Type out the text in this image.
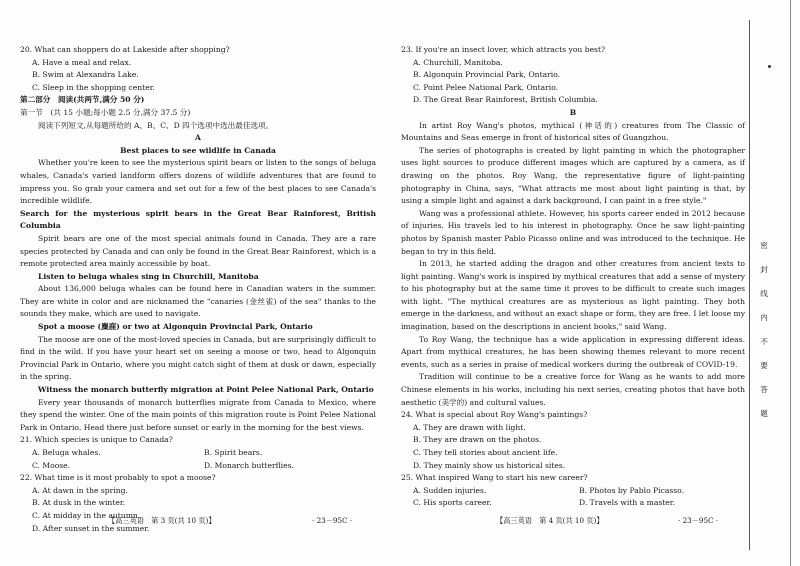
20. What can shoppers do at Lakeside after shopping?
A. Have a meal and relax.
B. Swim at Alexandra Lake.
C. Sleep in the shopping center.
第二部分　阅读(共两节,满分 50 分)
第一节　(共 15 小题;每小题 2.5 分,满分 37.5 分)
阅读下列短文,从每题所给的 A、B、C、D 四个选项中选出最佳选项。
A
Best places to see wildlife in Canada
Whether you're keen to see the mysterious spirit bears or listen to the songs of beluga whales, Canada's varied landform offers dozens of wildlife adventures that are found to impress you. So grab your camera and set out for a few of the best places to see Canada's incredible wildlife.
Search for the mysterious spirit bears in the Great Bear Rainforest, British Columbia
Spirit bears are one of the most special animals found in Canada. They are a rare species protected by Canada and can only be found in the Great Bear Rainforest, which is a remote protected area mainly accessible by boat.
Listen to beluga whales sing in Churchill, Manitoba
About 136,000 beluga whales can be found here in Canadian waters in the summer. They are white in color and are nicknamed the "canaries (金丝雀) of the sea" thanks to the sounds they make, which are used to navigate.
Spot a moose (麋鹿) or two at Algonquin Provincial Park, Ontario
The moose are one of the most-loved species in Canada, but are surprisingly difficult to find in the wild. If you have your heart set on seeing a moose or two, head to Algonquin Provincial Park in Ontario, where you might catch sight of them at dusk or dawn, especially in the spring.
Witness the monarch butterfly migration at Point Pelee National Park, Ontario
Every year thousands of monarch butterflies migrate from Canada to Mexico, where they spend the winter. One of the main points of this migration route is Point Pelee National Park in Ontario. Head there just before sunset or early in the morning for the best views.
21. Which species is unique to Canada?
A. Beluga whales.	B. Spirit bears.
C. Moose.	D. Monarch butterflies.
22. What time is it most probably to spot a moose?
A. At dawn in the spring.
B. At dusk in the winter.
C. At midday in the autumn.
D. After sunset in the summer.
【高三英语　第 3 页(共 10 页)】	· 23－95C ·
23. If you're an insect lover, which attracts you best?
A. Churchill, Manitoba.
B. Algonquin Provincial Park, Ontario.
C. Point Pelee National Park, Ontario.
D. The Great Bear Rainforest, British Columbia.
B
In artist Roy Wang's photos, mythical (神话的) creatures from The Classic of Mountains and Seas emerge in front of historical sites of Guangzhou.
The series of photographs is created by light painting in which the photographer uses light sources to produce different images which are captured by a camera, as if drawing on the photos. Roy Wang, the representative figure of light-painting photography in China, says, "What attracts me most about light painting is that, by using a simple light and against a dark background, I can paint in a free style."
Wang was a professional athlete. However, his sports career ended in 2012 because of injuries. His travels led to his interest in photography. Once he saw light-painting photos by Spanish master Pablo Picasso online and was introduced to the technique. He began to try in this field.
In 2013, he started adding the dragon and other creatures from ancient texts to light painting. Wang's work is inspired by mythical creatures that add a sense of mystery to his photography but at the same time it proves to be difficult to create such images with light. "The mythical creatures are as mysterious as light painting. They both emerge in the darkness, and without an exact shape or form, they are free. I let loose my imagination, based on the descriptions in ancient books," said Wang.
To Roy Wang, the technique has a wide application in expressing different ideas. Apart from mythical creatures, he has been showing themes relevant to more recent events, such as a series in praise of medical workers during the outbreak of COVID-19.
Tradition will continue to be a creative force for Wang as he wants to add more Chinese elements in his works, including his next series, creating photos that have both aesthetic (美学的) and cultural values.
24. What is special about Roy Wang's paintings?
A. They are drawn with light.
B. They are drawn on the photos.
C. They tell stories about ancient life.
D. They mainly show us historical sites.
25. What inspired Wang to start his new career?
A. Sudden injuries.	B. Photos by Pablo Picasso.
C. His sports career.	D. Travels with a master.
【高三英语　第 4 页(共 10 页)】	· 23－95C ·
密
封
线
内
不
要
答
题
